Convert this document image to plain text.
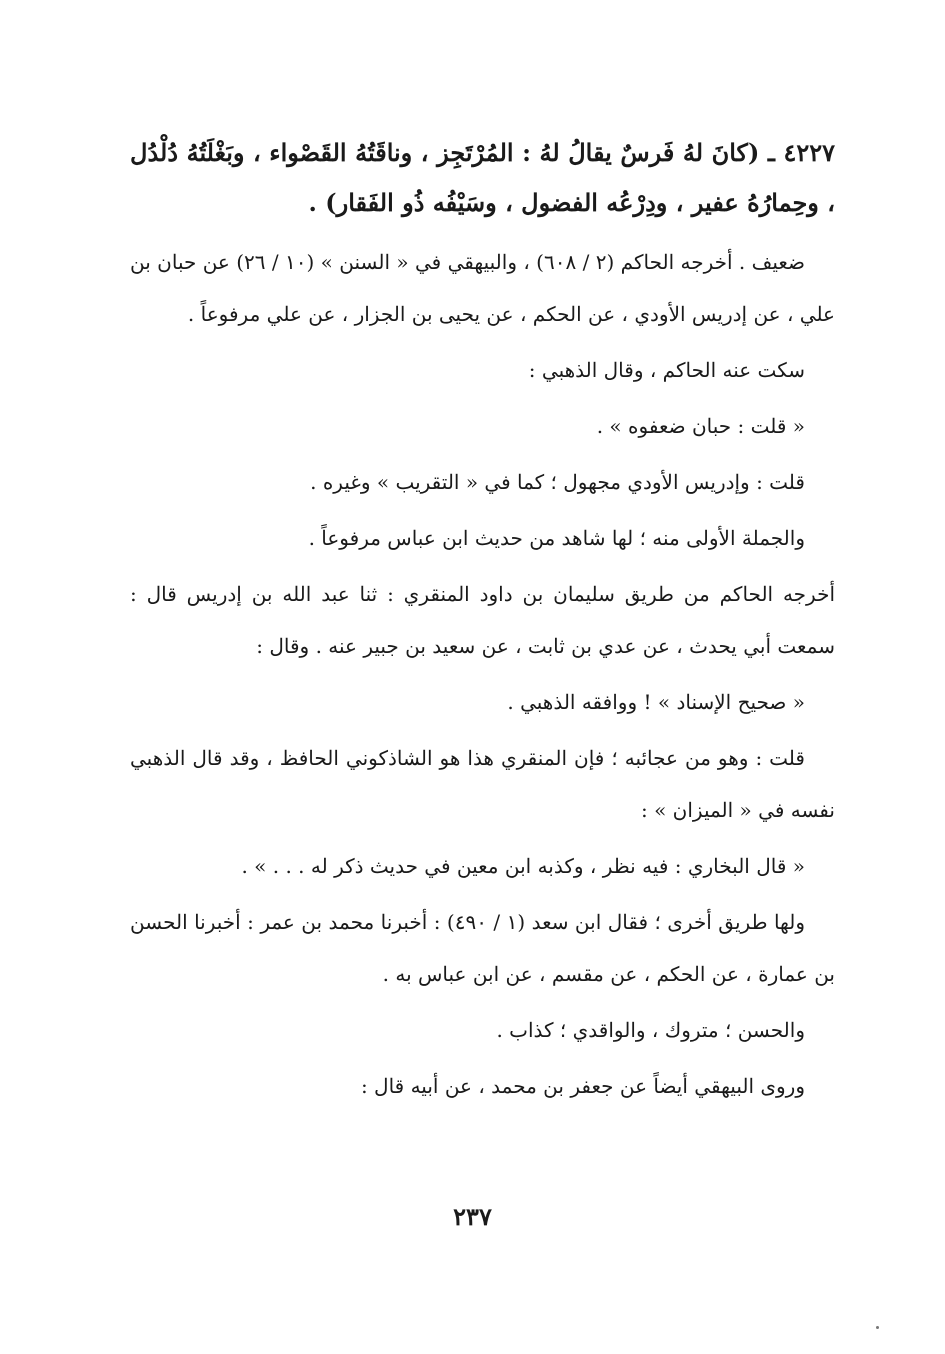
٤٢٢٧ ـ (كانَ لهُ فَرسٌ يقالُ لهُ : المُرْتَجِز ، وناقَتُهُ القَصْواء ، وبَغْلَتُهُ دُلْدُل ، وحِمارُهُ عفير ، ودِرْعُه الفضول ، وسَيْفُه ذُو الفَقار) .

ضعيف . أخرجه الحاكم (٢ / ٦٠٨) ، والبيهقي في « السنن » (١٠ / ٢٦) عن حبان بن علي ، عن إدريس الأودي ، عن الحكم ، عن يحيى بن الجزار ، عن علي مرفوعاً .

سكت عنه الحاكم ، وقال الذهبي :

« قلت : حبان ضعفوه » .

قلت : وإدريس الأودي مجهول ؛ كما في « التقريب » وغيره .

والجملة الأولى منه ؛ لها شاهد من حديث ابن عباس مرفوعاً .

أخرجه الحاكم من طريق سليمان بن داود المنقري : ثنا عبد الله بن إدريس قال : سمعت أبي يحدث ، عن عدي بن ثابت ، عن سعيد بن جبير عنه . وقال :

« صحيح الإسناد » ! ووافقه الذهبي .

قلت : وهو من عجائبه ؛ فإن المنقري هذا هو الشاذكوني الحافظ ، وقد قال الذهبي نفسه في « الميزان » :

« قال البخاري : فيه نظر ، وكذبه ابن معين في حديث ذكر له . . . » .

ولها طريق أخرى ؛ فقال ابن سعد (١ / ٤٩٠) : أخبرنا محمد بن عمر : أخبرنا الحسن بن عمارة ، عن الحكم ، عن مقسم ، عن ابن عباس به .

والحسن ؛ متروك ، والواقدي ؛ كذاب .

وروى البيهقي أيضاً عن جعفر بن محمد ، عن أبيه قال :

٢٣٧
